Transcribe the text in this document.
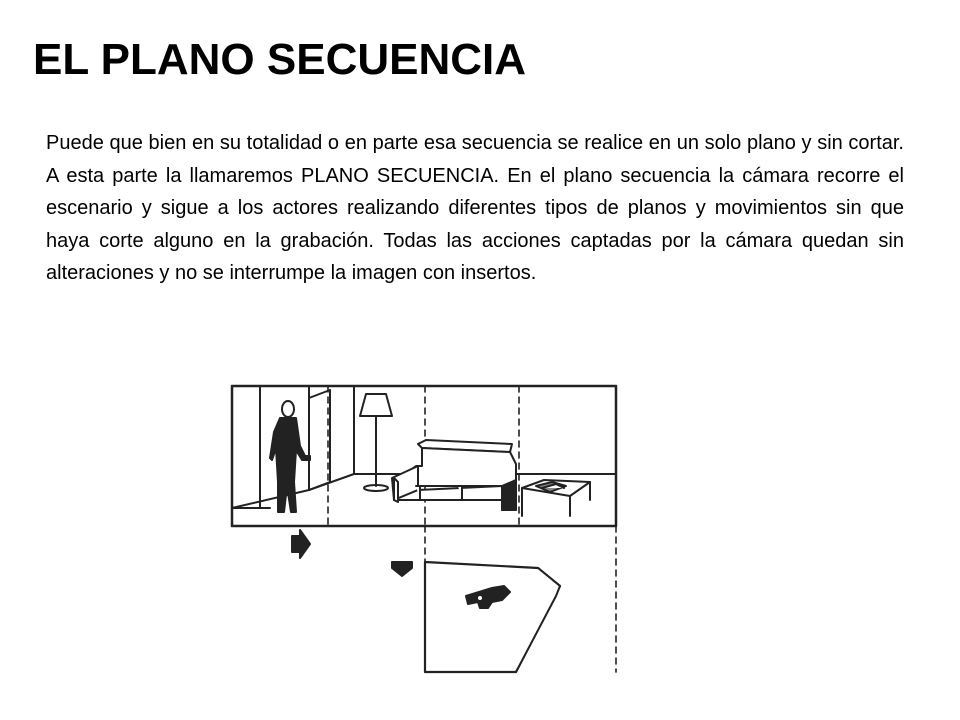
EL PLANO SECUENCIA

Puede que bien en su totalidad o en parte esa secuencia se realice en un solo plano y sin cortar. A esta parte la llamaremos PLANO SECUENCIA. En el plano secuencia la cámara recorre el escenario y sigue a los actores realizando diferentes tipos de planos y movimientos sin que haya corte alguno en la grabación. Todas las acciones captadas por la cámara quedan sin alteraciones y no se interrumpe la imagen con insertos.
